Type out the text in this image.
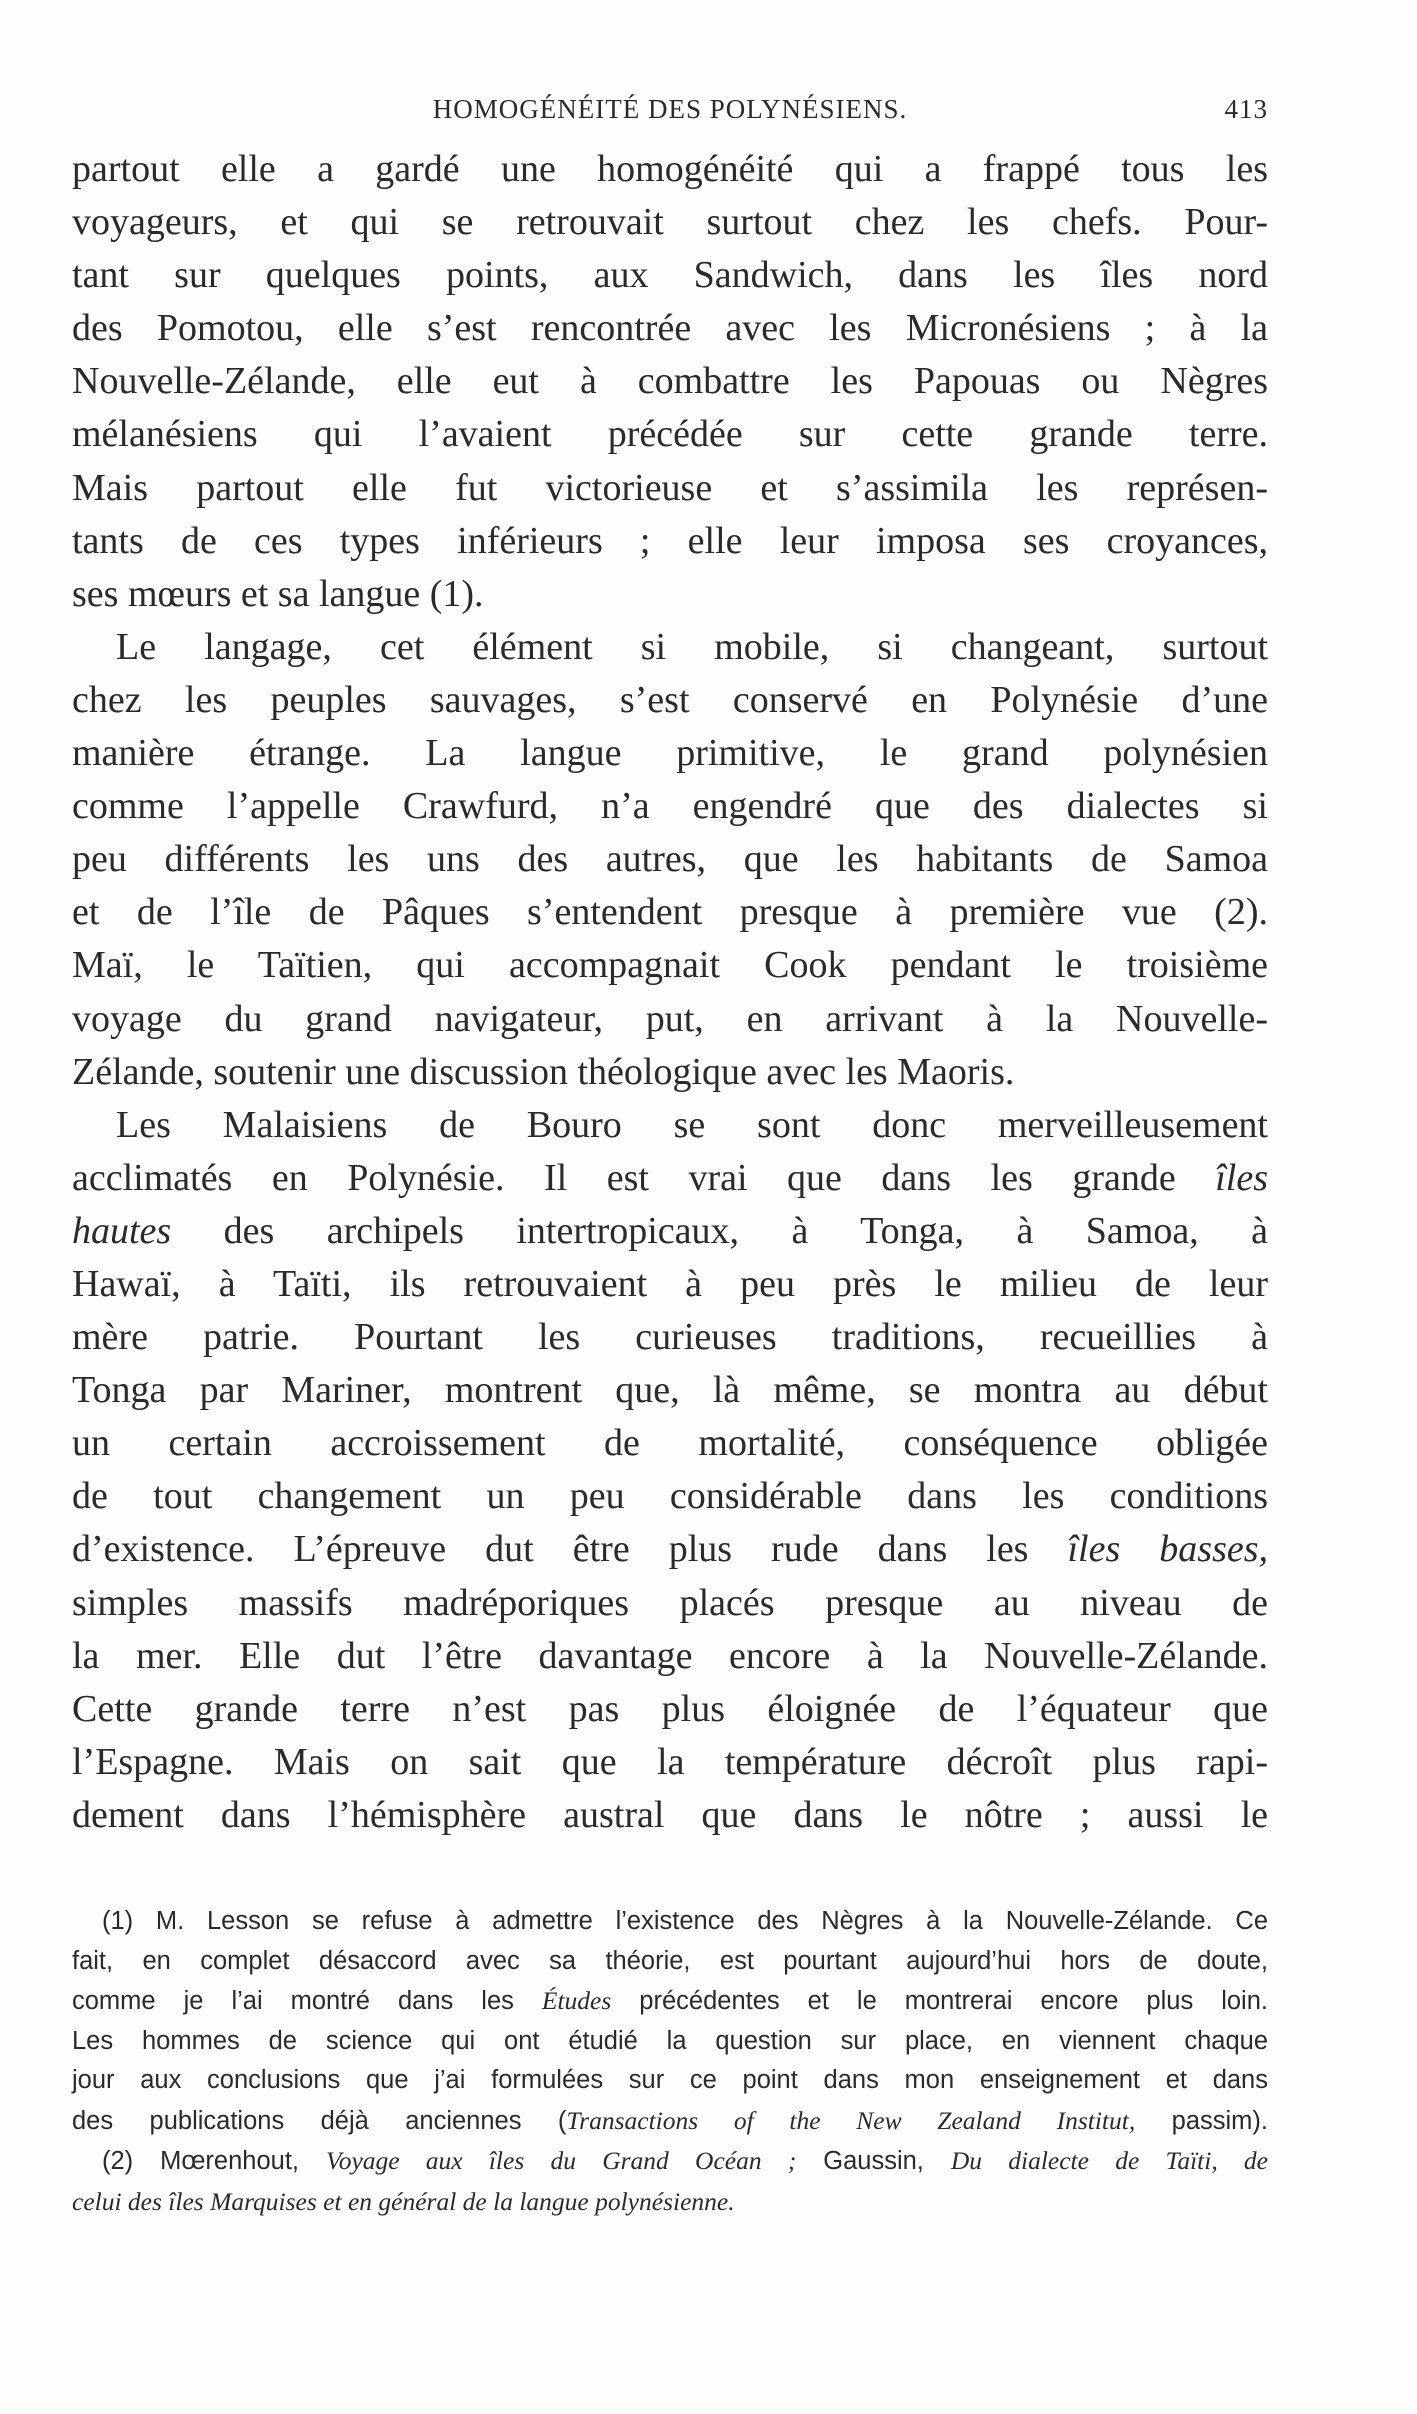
HOMOGÉNÉITÉ DES POLYNÉSIENS.	413
partout elle a gardé une homogénéité qui a frappé tous les
voyageurs, et qui se retrouvait surtout chez les chefs. Pour-
tant sur quelques points, aux Sandwich, dans les îles nord
des Pomotou, elle s’est rencontrée avec les Micronésiens ; à la
Nouvelle-Zélande, elle eut à combattre les Papouas ou Nègres
mélanésiens qui l’avaient précédée sur cette grande terre.
Mais partout elle fut victorieuse et s’assimila les représen-
tants de ces types inférieurs ; elle leur imposa ses croyances,
ses mœurs et sa langue (1).
Le langage, cet élément si mobile, si changeant, surtout
chez les peuples sauvages, s’est conservé en Polynésie d’une
manière étrange. La langue primitive, le grand polynésien
comme l’appelle Crawfurd, n’a engendré que des dialectes si
peu différents les uns des autres, que les habitants de Samoa
et de l’île de Pâques s’entendent presque à première vue (2).
Maï, le Taïtien, qui accompagnait Cook pendant le troisième
voyage du grand navigateur, put, en arrivant à la Nouvelle-
Zélande, soutenir une discussion théologique avec les Maoris.
Les Malaisiens de Bouro se sont donc merveilleusement
acclimatés en Polynésie. Il est vrai que dans les grande îles
hautes des archipels intertropicaux, à Tonga, à Samoa, à
Hawaï, à Taïti, ils retrouvaient à peu près le milieu de leur
mère patrie. Pourtant les curieuses traditions, recueillies à
Tonga par Mariner, montrent que, là même, se montra au début
un certain accroissement de mortalité, conséquence obligée
de tout changement un peu considérable dans les conditions
d’existence. L’épreuve dut être plus rude dans les îles basses,
simples massifs madréporiques placés presque au niveau de
la mer. Elle dut l’être davantage encore à la Nouvelle-Zélande.
Cette grande terre n’est pas plus éloignée de l’équateur que
l’Espagne. Mais on sait que la température décroît plus rapi-
dement dans l’hémisphère austral que dans le nôtre ; aussi le
(1) M. Lesson se refuse à admettre l’existence des Nègres à la Nouvelle-Zélande. Ce
fait, en complet désaccord avec sa théorie, est pourtant aujourd’hui hors de doute,
comme je l’ai montré dans les Études précédentes et le montrerai encore plus loin.
Les hommes de science qui ont étudié la question sur place, en viennent chaque
jour aux conclusions que j’ai formulées sur ce point dans mon enseignement et dans
des publications déjà anciennes (Transactions of the New Zealand Institut, passim).
(2) Mœrenhout, Voyage aux îles du Grand Océan ; Gaussin, Du dialecte de Taïti, de
celui des îles Marquises et en général de la langue polynésienne.
